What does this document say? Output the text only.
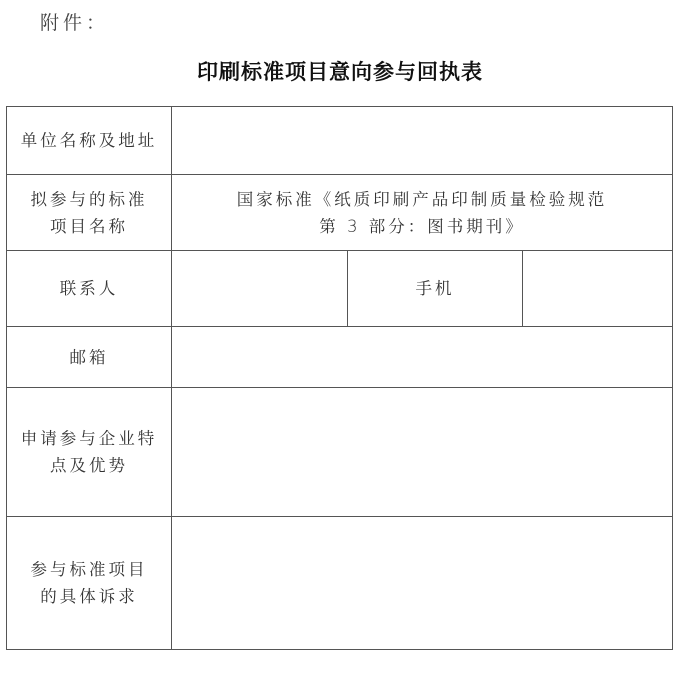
附件：
印刷标准项目意向参与回执表
单位名称及地址			

拟参与的标准
项目名称	国家标准《纸质印刷产品印制质量检验规范
第 3 部分：图书期刊》		

联系人		手机	
邮箱			

申请参与企业特
点及优势			

参与标准项目
的具体诉求			
